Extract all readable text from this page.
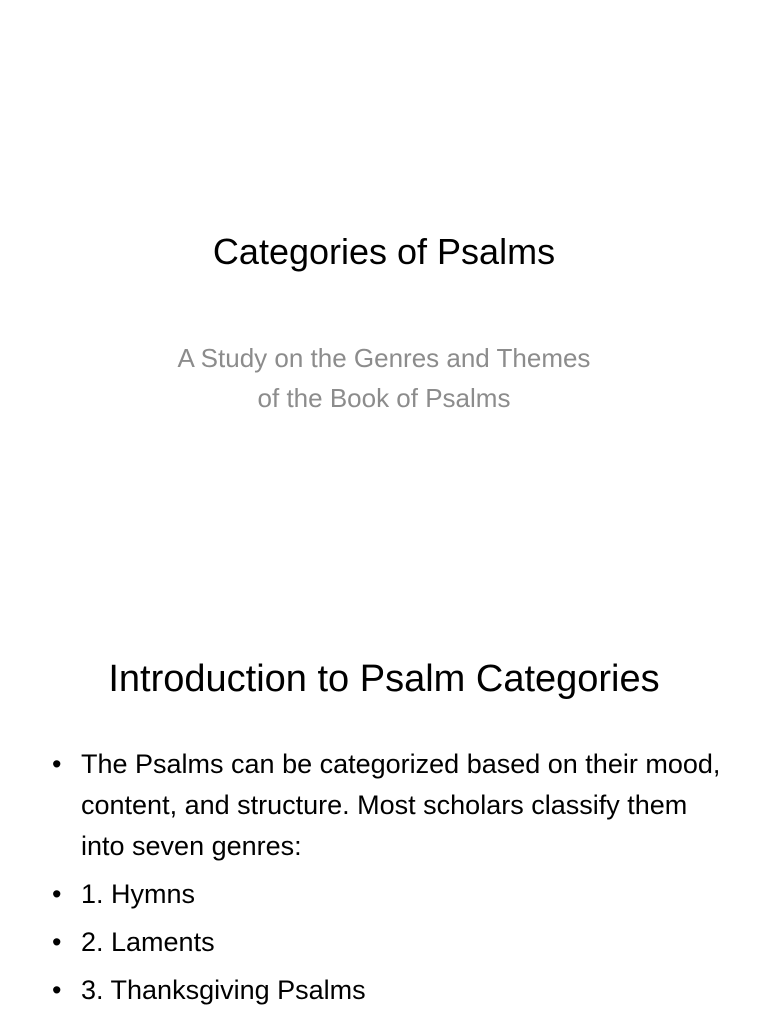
Categories of Psalms
A Study on the Genres and Themes
of the Book of Psalms
Introduction to Psalm Categories
• The Psalms can be categorized based on their mood, content, and structure. Most scholars classify them into seven genres:
• 1. Hymns
• 2. Laments
• 3. Thanksgiving Psalms
